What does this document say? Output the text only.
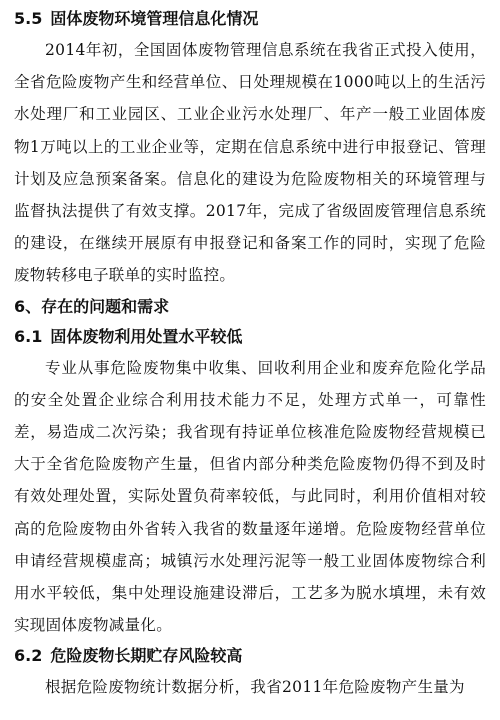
5.5 固体废物环境管理信息化情况

2014年初，全国固体废物管理信息系统在我省正式投入使用，全省危险废物产生和经营单位、日处理规模在1000吨以上的生活污水处理厂和工业园区、工业企业污水处理厂、年产一般工业固体废物1万吨以上的工业企业等，定期在信息系统中进行申报登记、管理计划及应急预案备案。信息化的建设为危险废物相关的环境管理与监督执法提供了有效支撑。2017年，完成了省级固废管理信息系统的建设，在继续开展原有申报登记和备案工作的同时，实现了危险废物转移电子联单的实时监控。

6、存在的问题和需求
6.1 固体废物利用处置水平较低

专业从事危险废物集中收集、回收利用企业和废弃危险化学品的安全处置企业综合利用技术能力不足，处理方式单一，可靠性差，易造成二次污染；我省现有持证单位核准危险废物经营规模已大于全省危险废物产生量，但省内部分种类危险废物仍得不到及时有效处理处置，实际处置负荷率较低，与此同时，利用价值相对较高的危险废物由外省转入我省的数量逐年递增。危险废物经营单位申请经营规模虚高；城镇污水处理污泥等一般工业固体废物综合利用水平较低，集中处理设施建设滞后，工艺多为脱水填埋，未有效实现固体废物减量化。

6.2 危险废物长期贮存风险较高

根据危险废物统计数据分析，我省2011年危险废物产生量为
